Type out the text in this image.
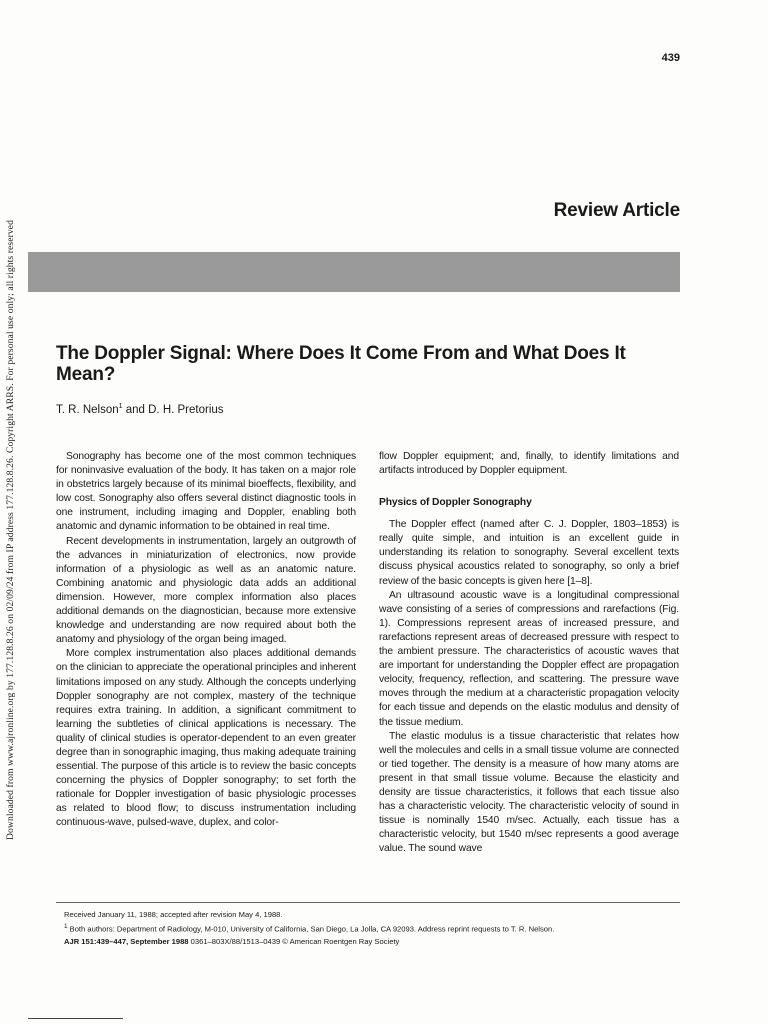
Downloaded from www.ajronline.org by 177.128.8.26 on 02/09/24 from IP address 177.128.8.26. Copyright ARRS. For personal use only; all rights reserved
439
Review Article
The Doppler Signal: Where Does It Come From and What Does It Mean?

T. R. Nelson$^1$ and D. H. Pretorius

Sonography has become one of the most common techniques for noninvasive evaluation of the body. It has taken on a major role in obstetrics largely because of its minimal bioeffects, flexibility, and low cost. Sonography also offers several distinct diagnostic tools in one instrument, including imaging and Doppler, enabling both anatomic and dynamic information to be obtained in real time.

Recent developments in instrumentation, largely an outgrowth of the advances in miniaturization of electronics, now provide information of a physiologic as well as an anatomic nature. Combining anatomic and physiologic data adds an additional dimension. However, more complex information also places additional demands on the diagnostician, because more extensive knowledge and understanding are now required about both the anatomy and physiology of the organ being imaged.

More complex instrumentation also places additional demands on the clinician to appreciate the operational principles and inherent limitations imposed on any study. Although the concepts underlying Doppler sonography are not complex, mastery of the technique requires extra training. In addition, a significant commitment to learning the subtleties of clinical applications is necessary. The quality of clinical studies is operator-dependent to an even greater degree than in sonographic imaging, thus making adequate training essential. The purpose of this article is to review the basic concepts concerning the physics of Doppler sonography; to set forth the rationale for Doppler investigation of basic physiologic processes as related to blood flow; to discuss instrumentation including continuous-wave, pulsed-wave, duplex, and color-

flow Doppler equipment; and, finally, to identify limitations and artifacts introduced by Doppler equipment.

Physics of Doppler Sonography

The Doppler effect (named after C. J. Doppler, 1803–1853) is really quite simple, and intuition is an excellent guide in understanding its relation to sonography. Several excellent texts discuss physical acoustics related to sonography, so only a brief review of the basic concepts is given here [1–8].

An ultrasound acoustic wave is a longitudinal compressional wave consisting of a series of compressions and rarefactions (Fig. 1). Compressions represent areas of increased pressure, and rarefactions represent areas of decreased pressure with respect to the ambient pressure. The characteristics of acoustic waves that are important for understanding the Doppler effect are propagation velocity, frequency, reflection, and scattering. The pressure wave moves through the medium at a characteristic propagation velocity for each tissue and depends on the elastic modulus and density of the tissue medium.

The elastic modulus is a tissue characteristic that relates how well the molecules and cells in a small tissue volume are connected or tied together. The density is a measure of how many atoms are present in that small tissue volume. Because the elasticity and density are tissue characteristics, it follows that each tissue also has a characteristic velocity. The characteristic velocity of sound in tissue is nominally 1540 m/sec. Actually, each tissue has a characteristic velocity, but 1540 m/sec represents a good average value. The sound wave

Received January 11, 1988; accepted after revision May 4, 1988.
$^1$ Both authors: Department of Radiology, M-010, University of California, San Diego, La Jolla, CA 92093. Address reprint requests to T. R. Nelson.
AJR 151:439–447, September 1988 0361–803X/88/1513–0439 © American Roentgen Ray Society
